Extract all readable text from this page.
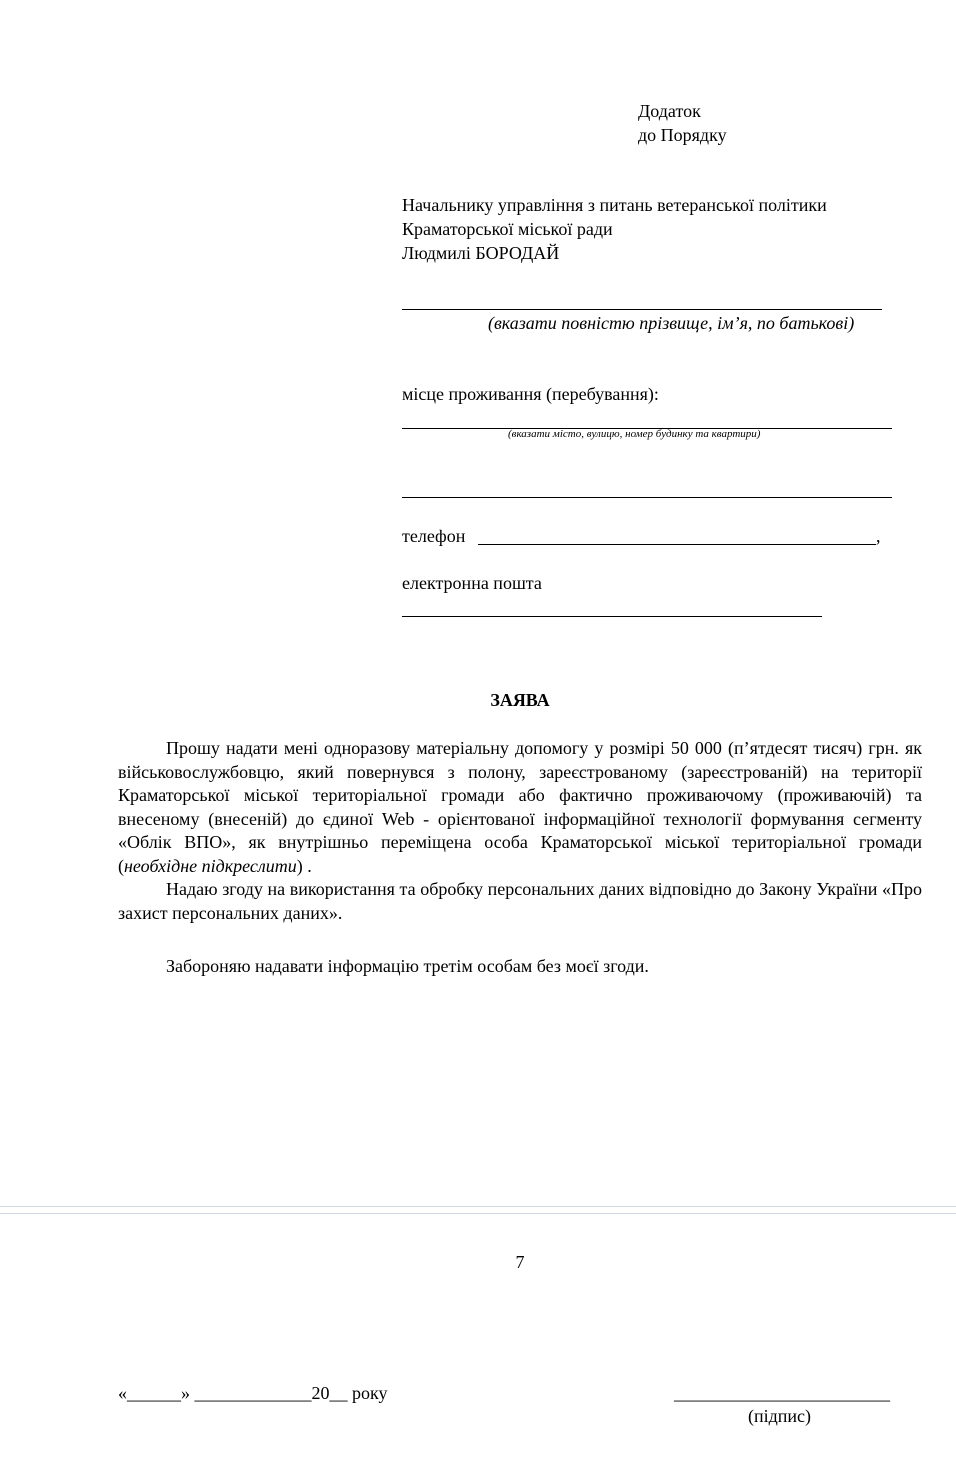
Додаток
до Порядку
Начальнику управління з питань ветеранської політики
Краматорської міської ради
Людмилі БОРОДАЙ
(вказати повністю прізвище, ім’я, по батькові)
місце проживання (перебування):
(вказати місто, вулицю, номер будинку та квартири)
телефон	,
електронна пошта
ЗАЯВА

Прошу надати мені одноразову матеріальну допомогу у розмірі 50 000 (п’ятдесят тисяч) грн. як військовослужбовцю, який повернувся з полону, зареєстрованому (зареєстрованій) на території Краматорської міської територіальної громади або фактично проживаючому (проживаючій) та внесеному (внесеній) до єдиної Web - орієнтованої інформаційної технології формування сегменту «Облік ВПО», як внутрішньо переміщена особа Краматорської міської територіальної громади (необхідне підкреслити) .

Надаю згоду на використання та обробку персональних даних відповідно до Закону України «Про захист персональних даних».

Забороняю надавати інформацію третім особам без моєї згоди.
7
«______» _____________20__ року	________________________
(підпис)
